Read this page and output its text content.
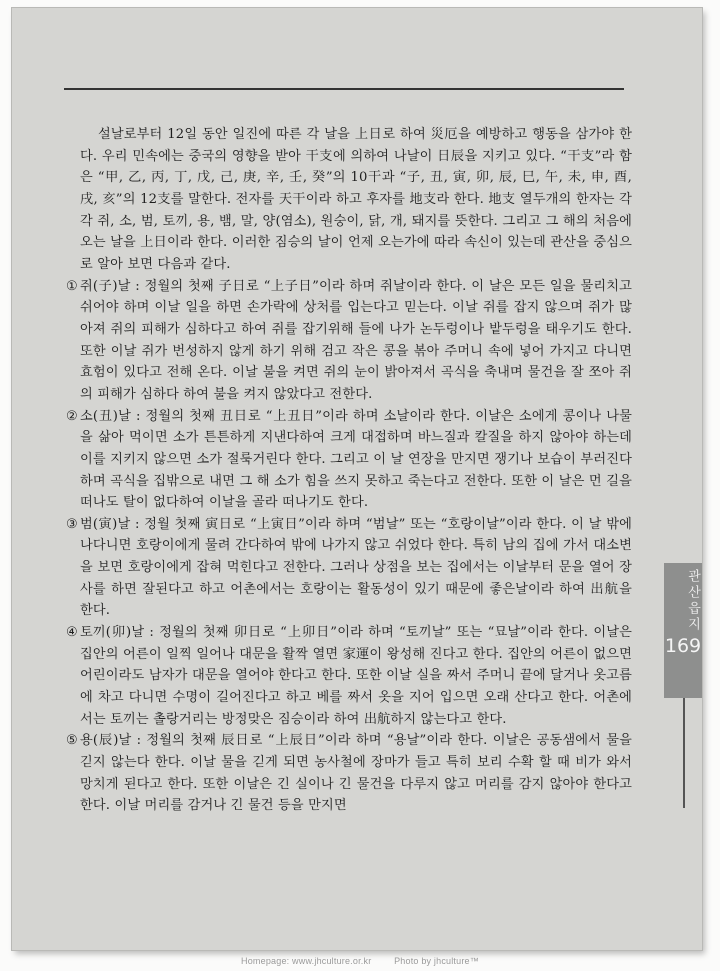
설날로부터 12일 동안 일진에 따른 각 날을 上日로 하여 災厄을 예방하고 행동을 삼가야 한다. 우리 민속에는 중국의 영향을 받아 干支에 의하여 나날이 日辰을 지키고 있다. “干支”라 함은 “甲, 乙, 丙, 丁, 戊, 己, 庚, 辛, 壬, 癸”의 10干과 “子, 丑, 寅, 卯, 辰, 巳, 午, 未, 申, 酉, 戌, 亥”의 12支를 말한다. 전자를 天干이라 하고 후자를 地支라 한다. 地支 열두개의 한자는 각각 쥐, 소, 범, 토끼, 용, 뱀, 말, 양(염소), 원숭이, 닭, 개, 돼지를 뜻한다. 그리고 그 해의 처음에 오는 날을 上日이라 한다. 이러한 짐승의 날이 언제 오는가에 따라 속신이 있는데 관산을 중심으로 알아 보면 다음과 같다.

① 쥐(子)날 : 정월의 첫째 子日로 “上子日”이라 하며 쥐날이라 한다. 이 날은 모든 일을 물리치고 쉬어야 하며 이날 일을 하면 손가락에 상처를 입는다고 믿는다. 이날 쥐를 잡지 않으며 쥐가 많아져 쥐의 피해가 심하다고 하여 쥐를 잡기위해 들에 나가 논두렁이나 밭두렁을 태우기도 한다. 또한 이날 쥐가 번성하지 않게 하기 위해 검고 작은 콩을 볶아 주머니 속에 넣어 가지고 다니면 효험이 있다고 전해 온다. 이날 불을 켜면 쥐의 눈이 밝아져서 곡식을 축내며 물건을 잘 쪼아 쥐의 피해가 심하다 하여 불을 켜지 않았다고 전한다.
② 소(丑)날 : 정월의 첫째 丑日로 “上丑日”이라 하며 소날이라 한다. 이날은 소에게 콩이나 나물을 삶아 먹이면 소가 튼튼하게 지낸다하여 크게 대접하며 바느질과 칼질을 하지 않아야 하는데 이를 지키지 않으면 소가 절룩거린다 한다. 그리고 이 날 연장을 만지면 쟁기나 보습이 부러진다 하며 곡식을 집밖으로 내면 그 해 소가 힘을 쓰지 못하고 죽는다고 전한다. 또한 이 날은 먼 길을 떠나도 탈이 없다하여 이날을 골라 떠나기도 한다.
③ 범(寅)날 : 정월 첫째 寅日로 “上寅日”이라 하며 “범날” 또는 “호랑이날”이라 한다. 이 날 밖에 나다니면 호랑이에게 물려 간다하여 밖에 나가지 않고 쉬었다 한다. 특히 남의 집에 가서 대소변을 보면 호랑이에게 잡혀 먹힌다고 전한다. 그러나 상점을 보는 집에서는 이날부터 문을 열어 장사를 하면 잘된다고 하고 어촌에서는 호랑이는 활동성이 있기 때문에 좋은날이라 하여 出航을 한다.
④ 토끼(卯)날 : 정월의 첫째 卯日로 “上卯日”이라 하며 “토끼날” 또는 “묘날”이라 한다. 이날은 집안의 어른이 일찍 일어나 대문을 활짝 열면 家運이 왕성해 진다고 한다. 집안의 어른이 없으면 어린이라도 남자가 대문을 열어야 한다고 한다. 또한 이날 실을 짜서 주머니 끝에 달거나 옷고름에 차고 다니면 수명이 길어진다고 하고 베를 짜서 옷을 지어 입으면 오래 산다고 한다. 어촌에서는 토끼는 촐랑거리는 방정맞은 짐승이라 하여 出航하지 않는다고 한다.
⑤ 용(辰)날 : 정월의 첫째 辰日로 “上辰日”이라 하며 “용날”이라 한다. 이날은 공동샘에서 물을 긷지 않는다 한다. 이날 물을 긷게 되면 농사철에 장마가 들고 특히 보리 수확 할 때 비가 와서 망치게 된다고 한다. 또한 이날은 긴 실이나 긴 물건을 다루지 않고 머리를 감지 않아야 한다고 한다. 이날 머리를 감거나 긴 물건 등을 만지면
관산읍지
169
Homepage: www.jhculture.or.kr	Photo by jhculture™
